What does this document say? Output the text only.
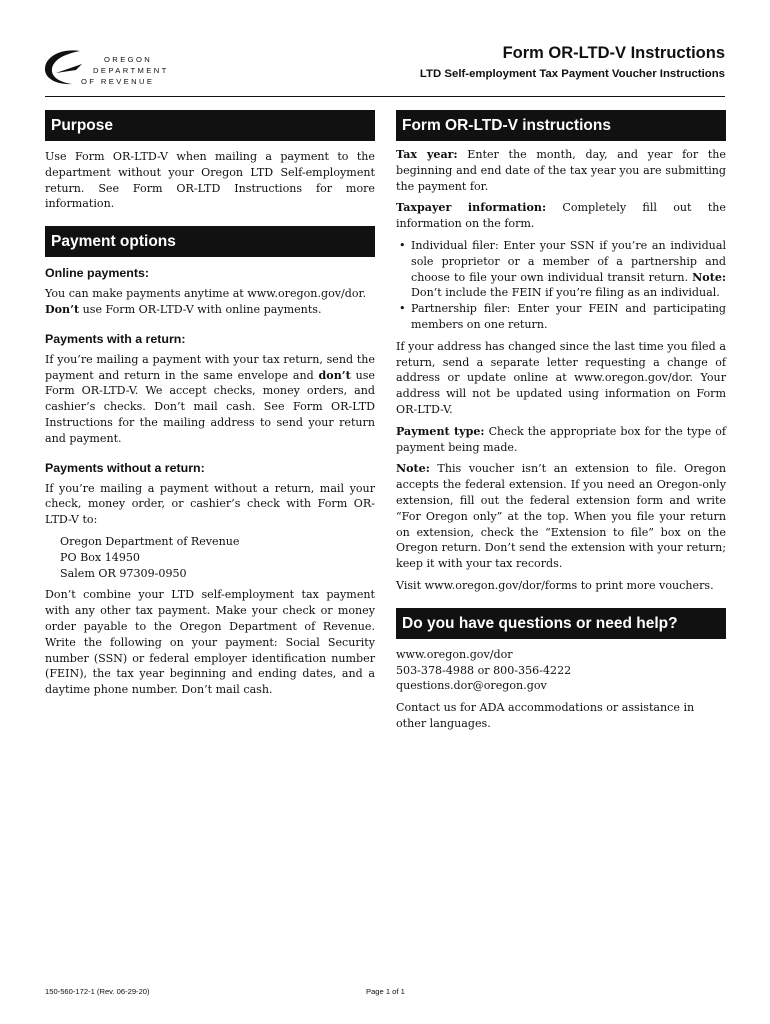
OREGON
DEPARTMENT
OF REVENUE
Form OR-LTD-V Instructions
LTD Self-employment Tax Payment Voucher Instructions
Purpose

Use Form OR-LTD-V when mailing a payment to the department without your Oregon LTD Self-employment return. See Form OR-LTD Instructions for more information.

Payment options
Online payments:

You can make payments anytime at www.oregon.gov/dor.
Don’t use Form OR-LTD-V with online payments.

Payments with a return:

If you’re mailing a payment with your tax return, send the payment and return in the same envelope and don’t use Form OR-LTD-V. We accept checks, money orders, and cashier’s checks. Don’t mail cash. See Form OR-LTD Instructions for the mailing address to send your return and payment.

Payments without a return:

If you’re mailing a payment without a return, mail your check, money order, or cashier’s check with Form OR-LTD-V to:

Oregon Department of Revenue
PO Box 14950
Salem OR 97309-0950

Don’t combine your LTD self-employment tax payment with any other tax payment. Make your check or money order payable to the Oregon Department of Revenue. Write the following on your payment: Social Security number (SSN) or federal employer identification number (FEIN), the tax year beginning and ending dates, and a daytime phone number. Don’t mail cash.

Form OR-LTD-V instructions

Tax year: Enter the month, day, and year for the beginning and end date of the tax year you are submitting the payment for.

Taxpayer information: Completely fill out the information on the form.

• Individual filer: Enter your SSN if you’re an individual sole proprietor or a member of a partnership and choose to file your own individual transit return. Note: Don’t include the FEIN if you’re filing as an individual.
• Partnership filer: Enter your FEIN and participating members on one return.

If your address has changed since the last time you filed a return, send a separate letter requesting a change of address or update online at www.oregon.gov/dor. Your address will not be updated using information on Form OR-LTD-V.

Payment type: Check the appropriate box for the type of payment being made.

Note: This voucher isn’t an extension to file. Oregon accepts the federal extension. If you need an Oregon-only extension, fill out the federal extension form and write “For Oregon only” at the top. When you file your return on extension, check the “Extension to file” box on the Oregon return. Don’t send the extension with your return; keep it with your tax records.

Visit www.oregon.gov/dor/forms to print more vouchers.

Do you have questions or need help?

www.oregon.gov/dor
503-378-4988 or 800-356-4222
questions.dor@oregon.gov

Contact us for ADA accommodations or assistance in other languages.

150-560-172-1 (Rev. 06-29-20)	Page 1 of 1
